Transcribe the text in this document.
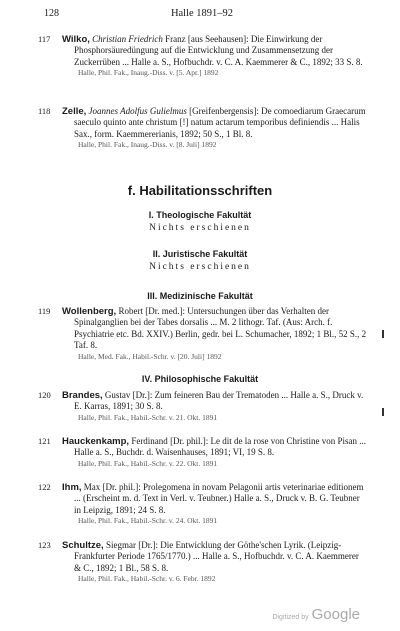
128	Halle 1891–92
117 Wilko, Christian Friedrich Franz [aus Seehausen]: Die Einwirkung der Phosphorsäuredüngung auf die Entwicklung und Zusammensetzung der Zuckerrüben ... Halle a. S., Hofbuchdr. v. C. A. Kaemmerer & C., 1892; 33 S. 8.
Halle, Phil. Fak., Inaug.-Diss. v. [5. Apr.] 1892
118 Zelle, Joannes Adolfus Gulielmus [Greifenbergensis]: De comoediarum Graecarum saeculo quinto ante christum [!] natum actarum temporibus definiendis ... Halis Sax., form. Kaemmererianis, 1892; 50 S., 1 Bl. 8.
Halle, Phil. Fak., Inaug.-Diss. v. [8. Juli] 1892
f. Habilitationsschriften
I. Theologische Fakultät
Nichts erschienen
II. Juristische Fakultät
Nichts erschienen
III. Medizinische Fakultät
119 Wollenberg, Robert [Dr. med.]: Untersuchungen über das Verhalten der Spinalganglien bei der Tabes dorsalis ... M. 2 lithogr. Taf. (Aus: Arch. f. Psychiatrie etc. Bd. XXIV.) Berlin, gedr. bei L. Schumacher, 1892; 1 Bl., 52 S., 2 Taf. 8.
Halle, Med. Fak., Habil.-Schr. v. [20. Juli] 1892
IV. Philosophische Fakultät
120 Brandes, Gustav [Dr.]: Zum feineren Bau der Trematoden ... Halle a. S., Druck v. E. Karras, 1891; 30 S. 8.
Halle, Phil. Fak., Habil.-Schr. v. 21. Okt. 1891
121 Hauckenkamp, Ferdinand [Dr. phil.]: Le dit de la rose von Christine von Pisan ... Halle a. S., Buchdr. d. Waisenhauses, 1891; VI, 19 S. 8.
Halle, Phil. Fak., Habil.-Schr. v. 22. Okt. 1891
122 Ihm, Max [Dr. phil.]: Prolegomena in novam Pelagonii artis veterinariae editionem ... (Erscheint m. d. Text in Verl. v. Teubner.) Halle a. S., Druck v. B. G. Teubner in Leipzig, 1891; 24 S. 8.
Halle, Phil. Fak., Habil.-Schr. v. 24. Okt. 1891
123 Schultze, Siegmar [Dr.]: Die Entwicklung der Göthe'schen Lyrik. (Leipzig-Frankfurter Periode 1765/1770.) ... Halle a. S., Hofbuchdr. v. C. A. Kaemmerer & C., 1892; 1 Bl., 58 S. 8.
Halle, Phil. Fak., Habil.-Schr. v. 6. Febr. 1892
Digitized by Google
